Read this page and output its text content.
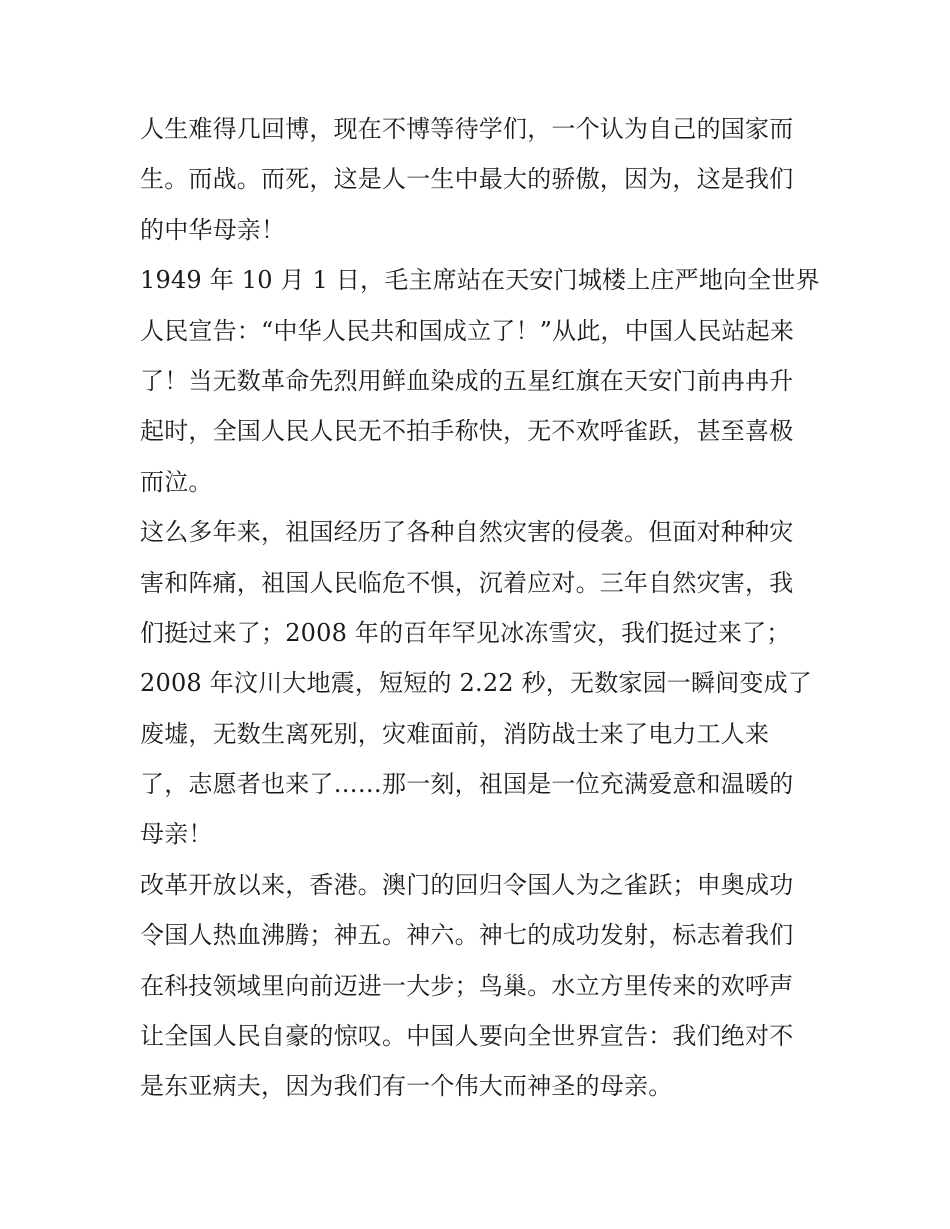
人生难得几回博，现在不博等待学们，一个认为自己的国家而
生。而战。而死，这是人一生中最大的骄傲，因为，这是我们
的中华母亲！
1949 年 10 月 1 日，毛主席站在天安门城楼上庄严地向全世界
人民宣告：“中华人民共和国成立了！”从此，中国人民站起来
了！当无数革命先烈用鲜血染成的五星红旗在天安门前冉冉升
起时，全国人民人民无不拍手称快，无不欢呼雀跃，甚至喜极
而泣。
这么多年来，祖国经历了各种自然灾害的侵袭。但面对种种灾
害和阵痛，祖国人民临危不惧，沉着应对。三年自然灾害，我
们挺过来了；2008 年的百年罕见冰冻雪灾，我们挺过来了；
2008 年汶川大地震，短短的 2.22 秒，无数家园一瞬间变成了
废墟，无数生离死别，灾难面前，消防战士来了电力工人来
了，志愿者也来了……那一刻，祖国是一位充满爱意和温暖的
母亲！
改革开放以来，香港。澳门的回归令国人为之雀跃；申奥成功
令国人热血沸腾；神五。神六。神七的成功发射，标志着我们
在科技领域里向前迈进一大步；鸟巢。水立方里传来的欢呼声
让全国人民自豪的惊叹。中国人要向全世界宣告：我们绝对不
是东亚病夫，因为我们有一个伟大而神圣的母亲。
